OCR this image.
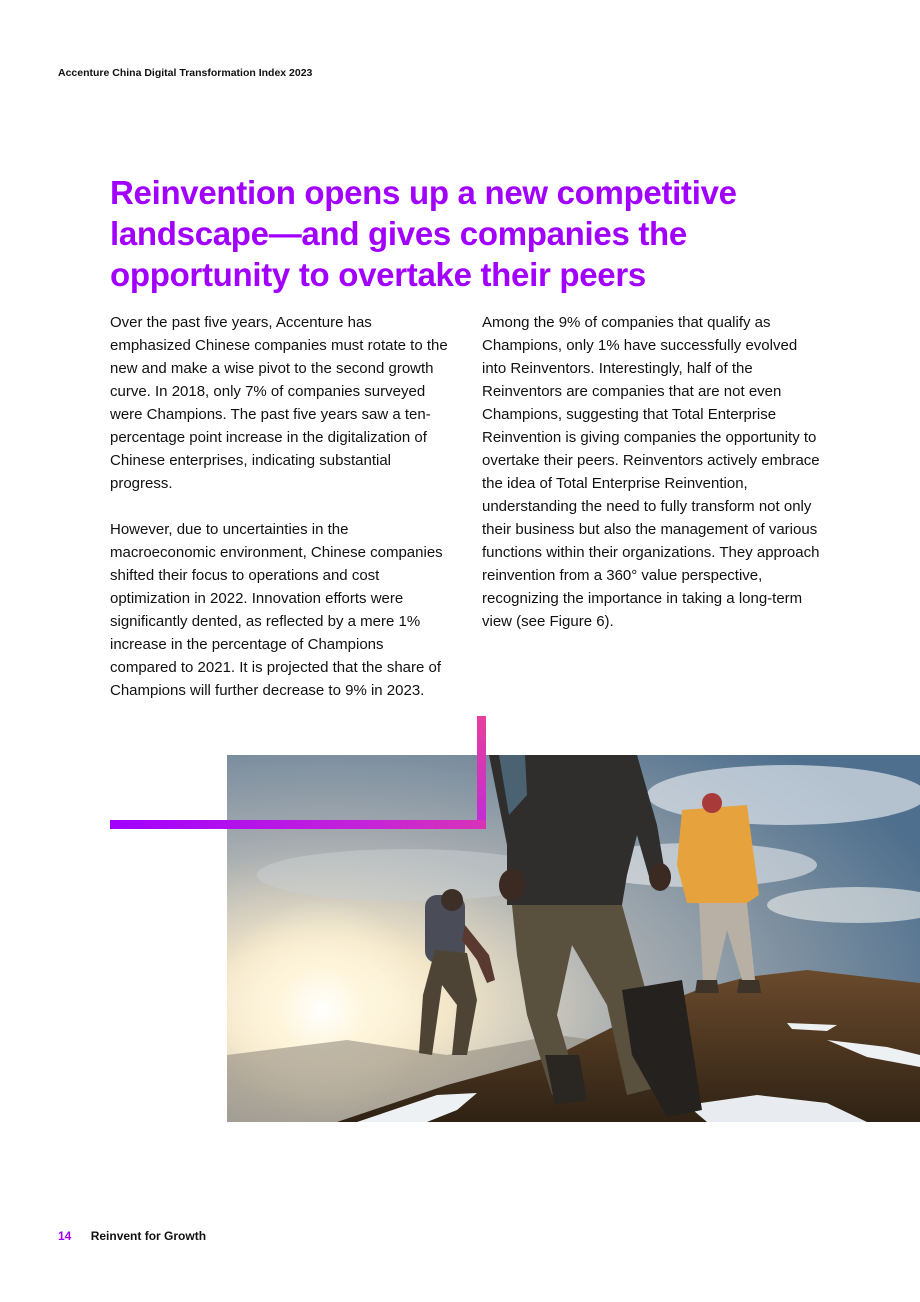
Accenture China Digital Transformation Index 2023
Reinvention opens up a new competitive landscape—and gives companies the opportunity to overtake their peers

Over the past five years, Accenture has emphasized Chinese companies must rotate to the new and make a wise pivot to the second growth curve. In 2018, only 7% of companies surveyed were Champions. The past five years saw a ten-percentage point increase in the digitalization of Chinese enterprises, indicating substantial progress.

However, due to uncertainties in the macroeconomic environment, Chinese companies shifted their focus to operations and cost optimization in 2022. Innovation efforts were significantly dented, as reflected by a mere 1% increase in the percentage of Champions compared to 2021. It is projected that the share of Champions will further decrease to 9% in 2023.

Among the 9% of companies that qualify as Champions, only 1% have successfully evolved into Reinventors. Interestingly, half of the Reinventors are companies that are not even Champions, suggesting that Total Enterprise Reinvention is giving companies the opportunity to overtake their peers. Reinventors actively embrace the idea of Total Enterprise Reinvention, understanding the need to fully transform not only their business but also the management of various functions within their organizations. They approach reinvention from a 360° value perspective, recognizing the importance in taking a long-term view (see Figure 6).

14 Reinvent for Growth
